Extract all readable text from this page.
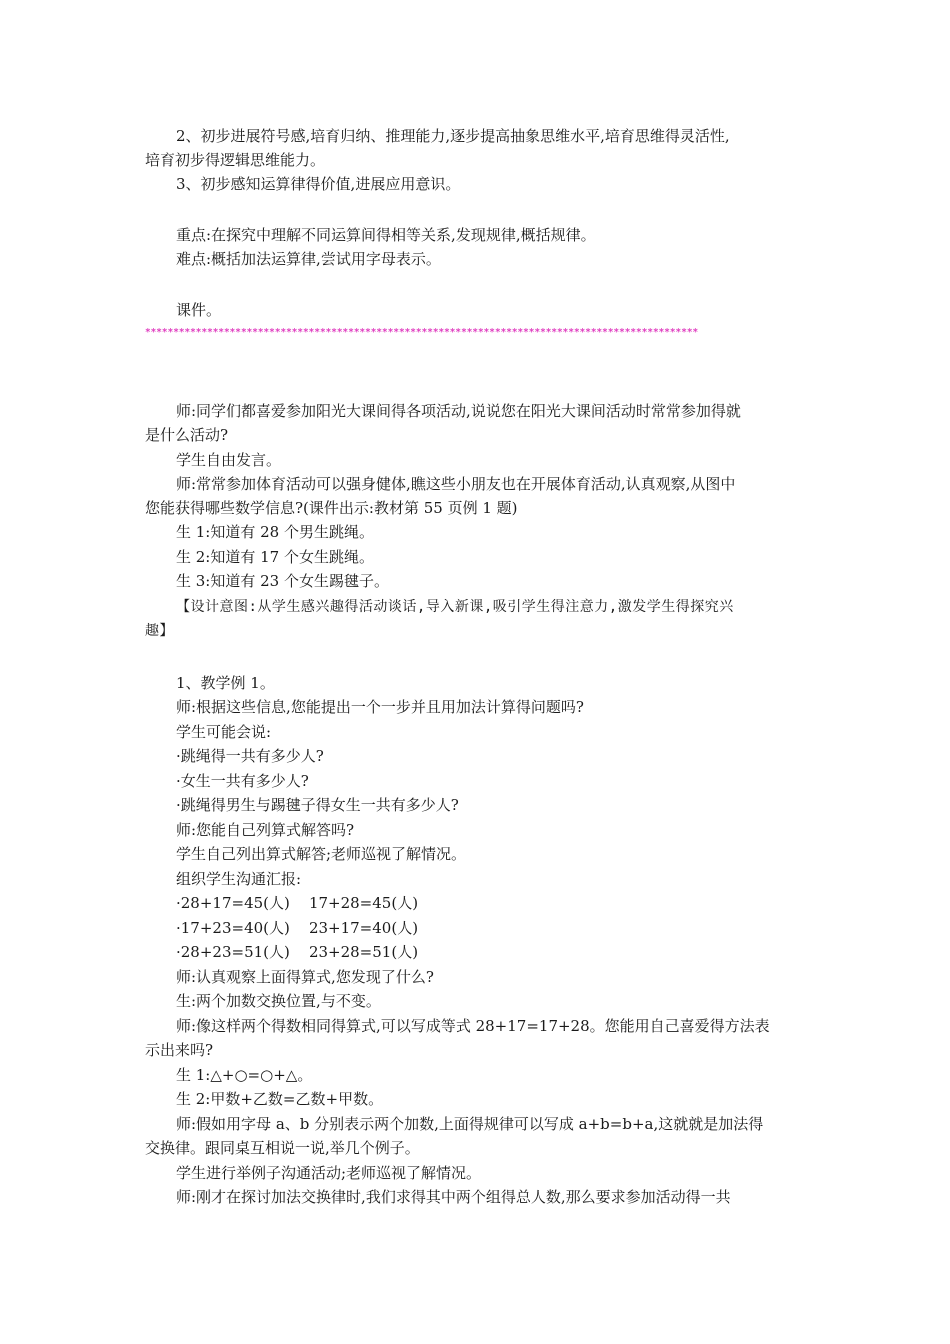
2、初步进展符号感,培育归纳、推理能力,逐步提高抽象思维水平,培育思维得灵活性,
培育初步得逻辑思维能力。
3、初步感知运算律得价值,进展应用意识。
重点:在探究中理解不同运算间得相等关系,发现规律,概括规律。
难点:概括加法运算律,尝试用字母表示。
课件。
**************************************************************************************************
师:同学们都喜爱参加阳光大课间得各项活动,说说您在阳光大课间活动时常常参加得就
是什么活动?
学生自由发言。
师:常常参加体育活动可以强身健体,瞧这些小朋友也在开展体育活动,认真观察,从图中
您能获得哪些数学信息?(课件出示:教材第 55 页例 1 题)
生 1:知道有 28 个男生跳绳。
生 2:知道有 17 个女生跳绳。
生 3:知道有 23 个女生踢毽子。
【设计意图:从学生感兴趣得活动谈话,导入新课,吸引学生得注意力,激发学生得探究兴
趣】
1、教学例 1。
师:根据这些信息,您能提出一个一步并且用加法计算得问题吗?
学生可能会说:
·跳绳得一共有多少人?
·女生一共有多少人?
·跳绳得男生与踢毽子得女生一共有多少人?
师:您能自己列算式解答吗?
学生自己列出算式解答;老师巡视了解情况。
组织学生沟通汇报:
·28+17=45(人)    17+28=45(人)
·17+23=40(人)    23+17=40(人)
·28+23=51(人)    23+28=51(人)
师:认真观察上面得算式,您发现了什么?
生:两个加数交换位置,与不变。
师:像这样两个得数相同得算式,可以写成等式 28+17=17+28。您能用自己喜爱得方法表
示出来吗?
生 1:△+○=○+△。
生 2:甲数+乙数=乙数+甲数。
师:假如用字母 a、b 分别表示两个加数,上面得规律可以写成 a+b=b+a,这就就是加法得
交换律。跟同桌互相说一说,举几个例子。
学生进行举例子沟通活动;老师巡视了解情况。
师:刚才在探讨加法交换律时,我们求得其中两个组得总人数,那么要求参加活动得一共
